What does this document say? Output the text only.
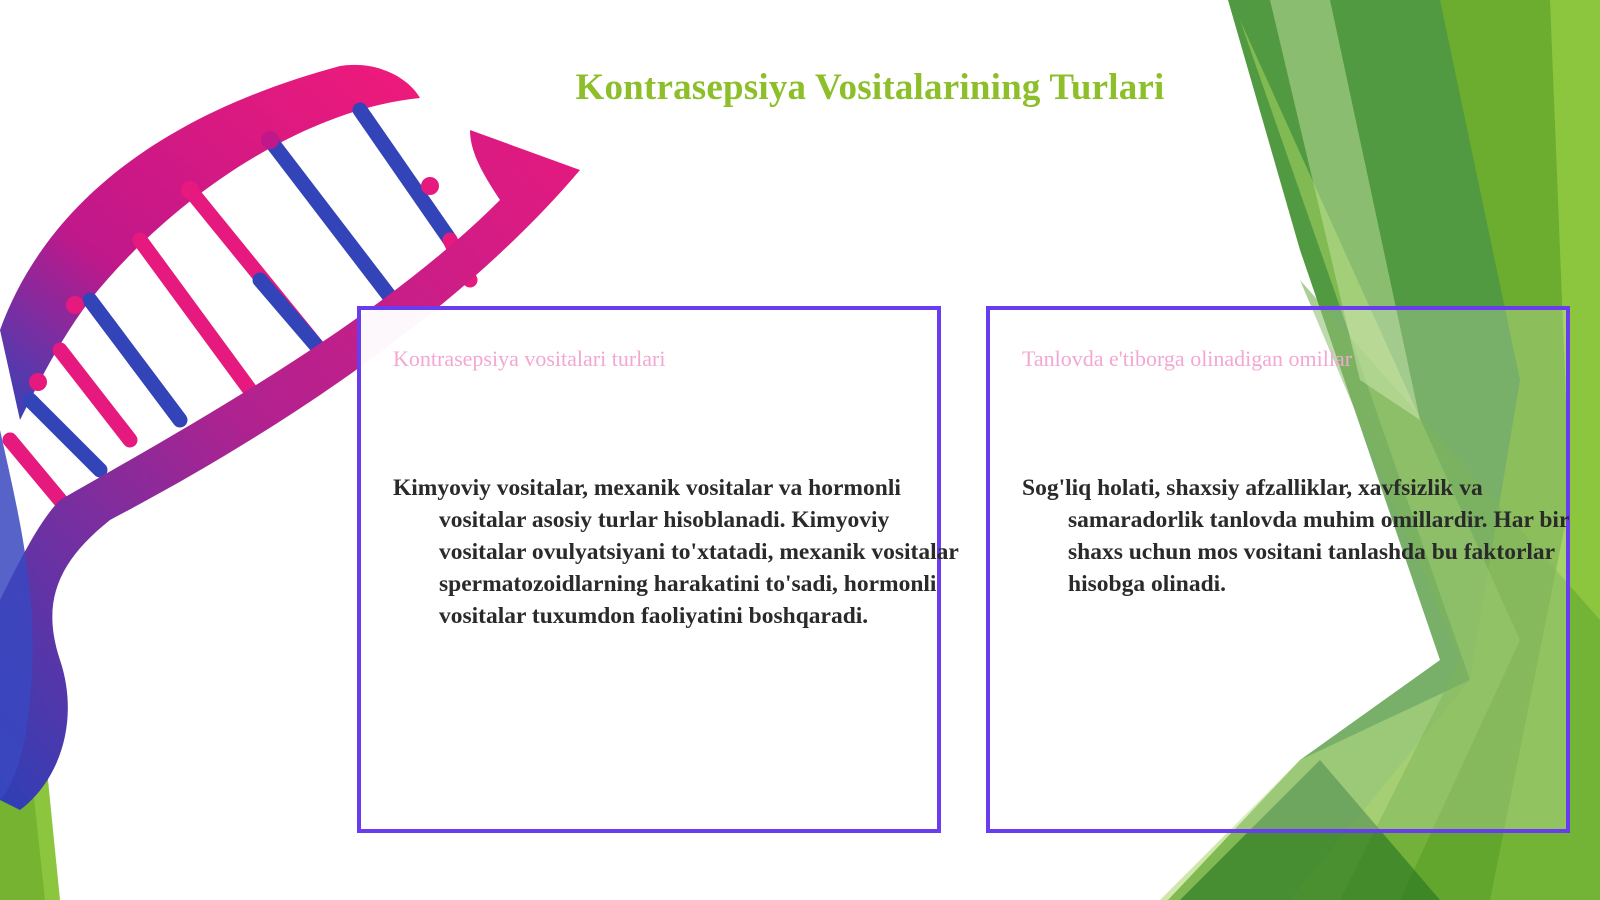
Kontrasepsiya Vositalarining Turlari
Kontrasepsiya vositalari turlari
Kimyoviy vositalar, mexanik vositalar va hormonli vositalar asosiy turlar hisoblanadi. Kimyoviy vositalar ovulyatsiyani to'xtatadi, mexanik vositalar spermatozoidlarning harakatini to'sadi, hormonli vositalar tuxumdon faoliyatini boshqaradi.
Tanlovda e'tiborga olinadigan omillar
Sog'liq holati, shaxsiy afzalliklar, xavfsizlik va samaradorlik tanlovda muhim omillardir. Har bir shaxs uchun mos vositani tanlashda bu faktorlar hisobga olinadi.
